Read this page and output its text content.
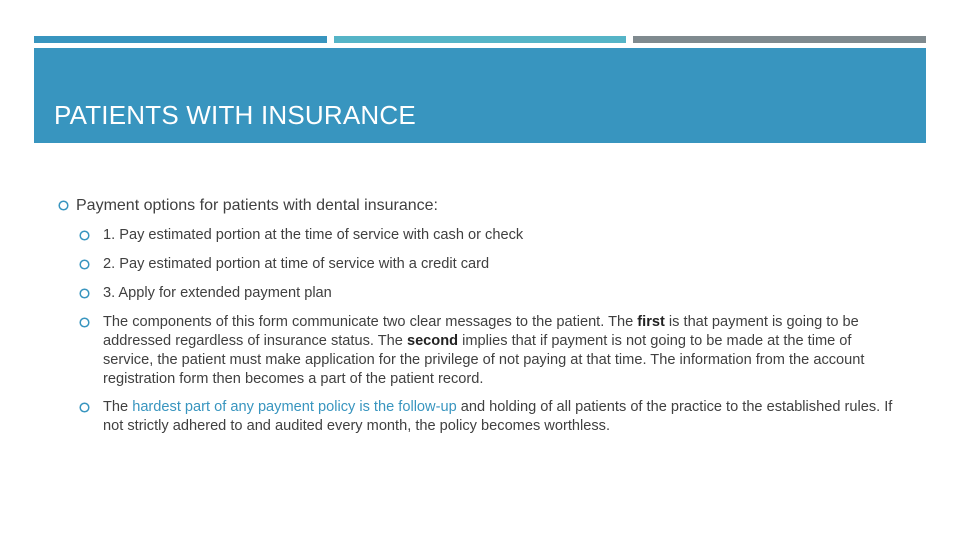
PATIENTS WITH INSURANCE
Payment options for patients with dental insurance:
1. Pay estimated portion at the time of service with cash or check
2. Pay estimated portion at time of service with a credit card
3. Apply for extended payment plan
The components of this form communicate two clear messages to the patient. The first is that payment is going to be addressed regardless of insurance status. The second implies that if payment is not going to be made at the time of service, the patient must make application for the privilege of not paying at that time. The information from the account registration form then becomes a part of the patient record.
The hardest part of any payment policy is the follow-up and holding of all patients of the practice to the established rules. If not strictly adhered to and audited every month, the policy becomes worthless.
